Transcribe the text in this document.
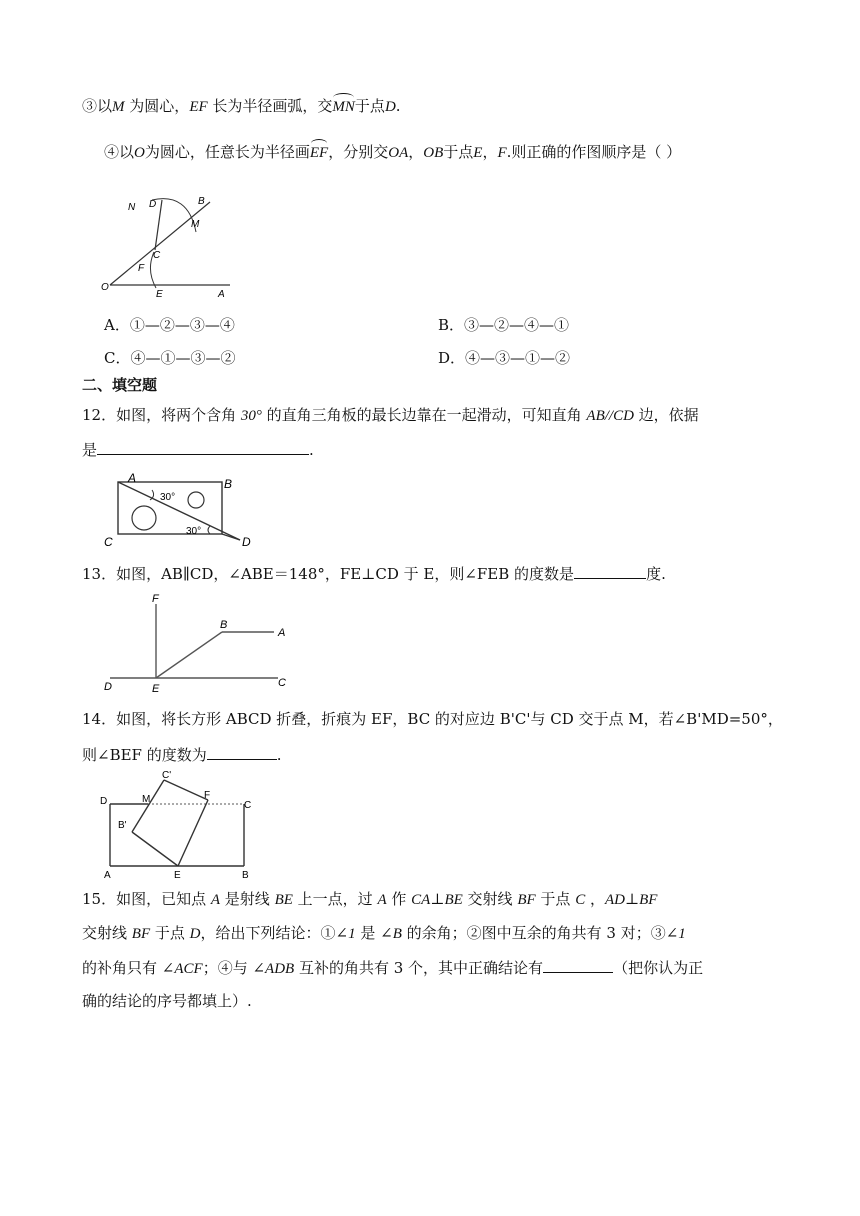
③以M 为圆心，EF 长为半径画弧，交MN于点D.
④以O为圆心，任意长为半径画EF，分别交OA，OB于点E，F.则正确的作图顺序是（ ）
N D	B
M
C
F
O
E	A
A．①—②—③—④	B．③—②—④—①
C．④—①—③—②	D．④—③—①—②
二、填空题
12．如图，将两个含角 30° 的直角三角板的最长边靠在一起滑动，可知直角 AB//CD 边，依据
是	.
A	B
C	D
30°
30°
13．如图，AB∥CD，∠ABE＝148°，FE⊥CD 于 E，则∠FEB 的度数是	度.
F
B
A
D	E	C
14．如图，将长方形 ABCD 折叠，折痕为 EF，BC 的对应边 B'C'与 CD 交于点 M，若∠B'MD=50°，
则∠BEF 的度数为	.
C'
D	M	F
C
B'
A	E	B
15．如图，已知点 A 是射线 BE 上一点，过 A 作 CA⊥BE 交射线 BF 于点 C ，AD⊥BF
交射线 BF 于点 D，给出下列结论：①∠1 是 ∠B 的余角；②图中互余的角共有 3 对；③∠1
的补角只有 ∠ACF；④与 ∠ADB 互补的角共有 3 个，其中正确结论有	（把你认为正
确的结论的序号都填上）.
